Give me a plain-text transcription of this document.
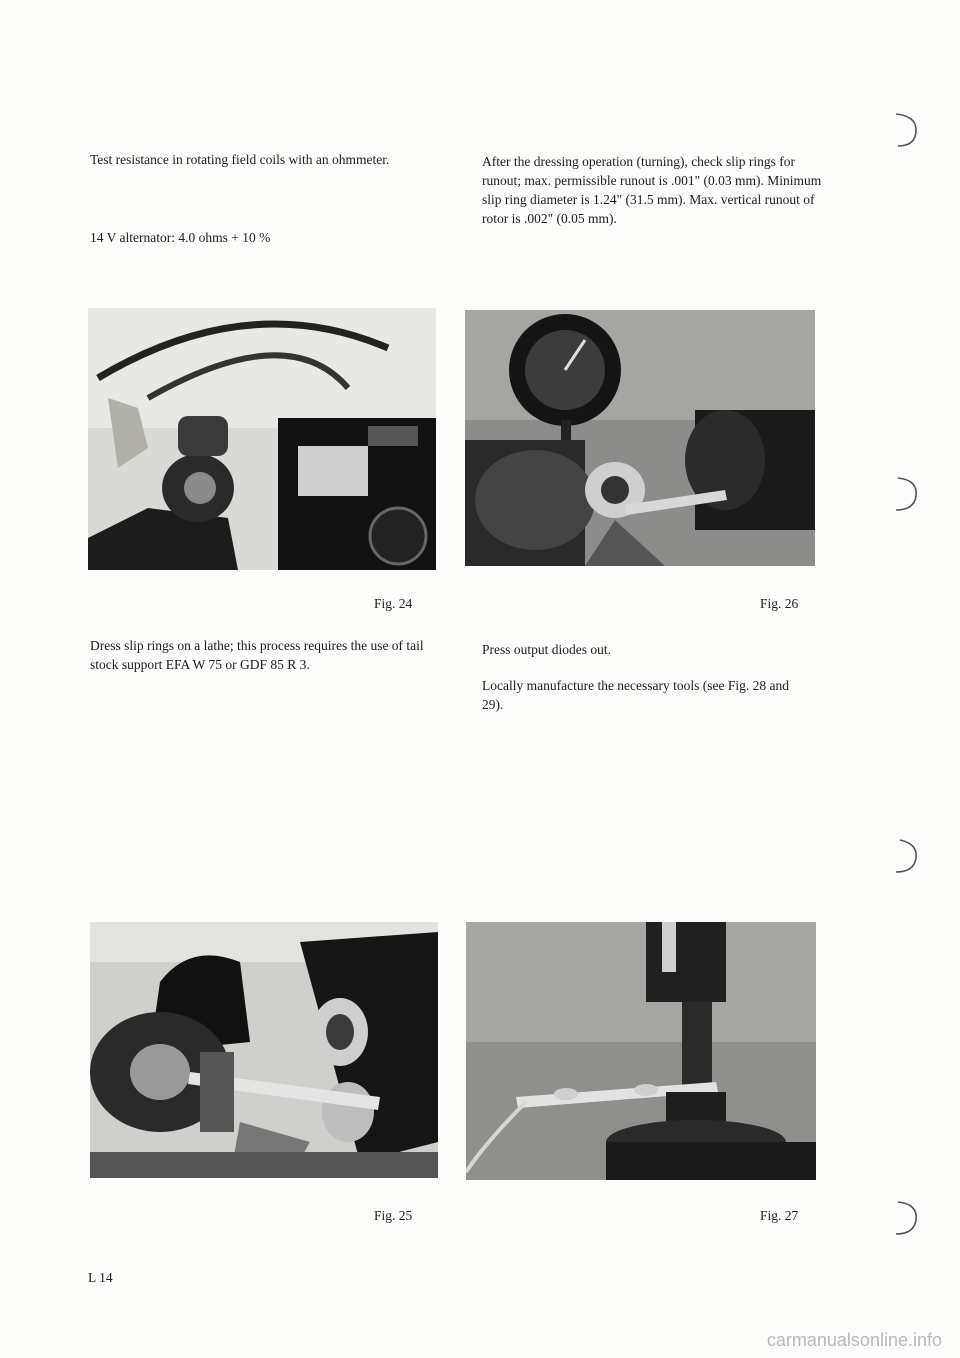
Test resistance in rotating field coils with an ohmmeter.

14 V alternator: 4.0 ohms + 10 %

After the dressing operation (turning), check slip rings for runout; max. permissible runout is .001" (0.03 mm). Minimum slip ring diameter is 1.24" (31.5 mm). Max. vertical runout of rotor is .002" (0.05 mm).

Fig. 24	Fig. 26

Dress slip rings on a lathe; this process requires the use of tail stock support EFA W 75 or GDF 85 R 3.

Press output diodes out.

Locally manufacture the necessary tools (see Fig. 28 and 29).

Fig. 25	Fig. 27
L 14
carmanualsonline.info
